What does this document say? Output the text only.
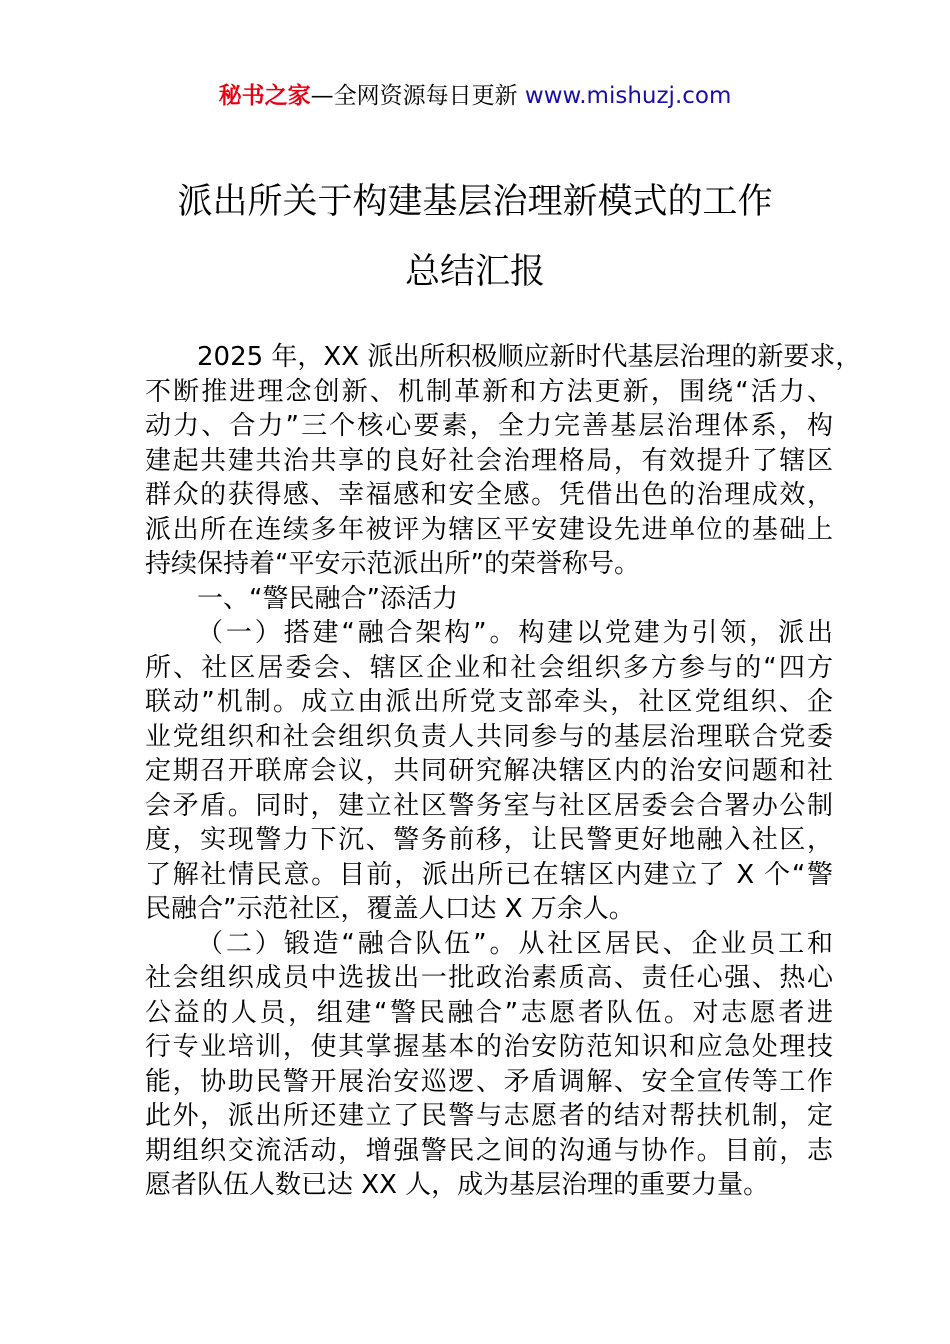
秘书之家—全网资源每日更新 www.mishuzj.com
派出所关于构建基层治理新模式的工作
总结汇报
2025 年，XX 派出所积极顺应新时代基层治理的新要求，
不断推进理念创新、机制革新和方法更新，围绕“活力、
动力、合力”三个核心要素，全力完善基层治理体系，构
建起共建共治共享的良好社会治理格局，有效提升了辖区
群众的获得感、幸福感和安全感。凭借出色的治理成效，
派出所在连续多年被评为辖区平安建设先进单位的基础上
持续保持着“平安示范派出所”的荣誉称号。
一、“警民融合”添活力
（一）搭建“融合架构”。构建以党建为引领，派出
所、社区居委会、辖区企业和社会组织多方参与的“四方
联动”机制。成立由派出所党支部牵头，社区党组织、企
业党组织和社会组织负责人共同参与的基层治理联合党委
定期召开联席会议，共同研究解决辖区内的治安问题和社
会矛盾。同时，建立社区警务室与社区居委会合署办公制
度，实现警力下沉、警务前移，让民警更好地融入社区，
了解社情民意。目前，派出所已在辖区内建立了 X 个“警
民融合”示范社区，覆盖人口达 X 万余人。
（二）锻造“融合队伍”。从社区居民、企业员工和
社会组织成员中选拔出一批政治素质高、责任心强、热心
公益的人员，组建“警民融合”志愿者队伍。对志愿者进
行专业培训，使其掌握基本的治安防范知识和应急处理技
能，协助民警开展治安巡逻、矛盾调解、安全宣传等工作
此外，派出所还建立了民警与志愿者的结对帮扶机制，定
期组织交流活动，增强警民之间的沟通与协作。目前，志
愿者队伍人数已达 XX 人，成为基层治理的重要力量。
